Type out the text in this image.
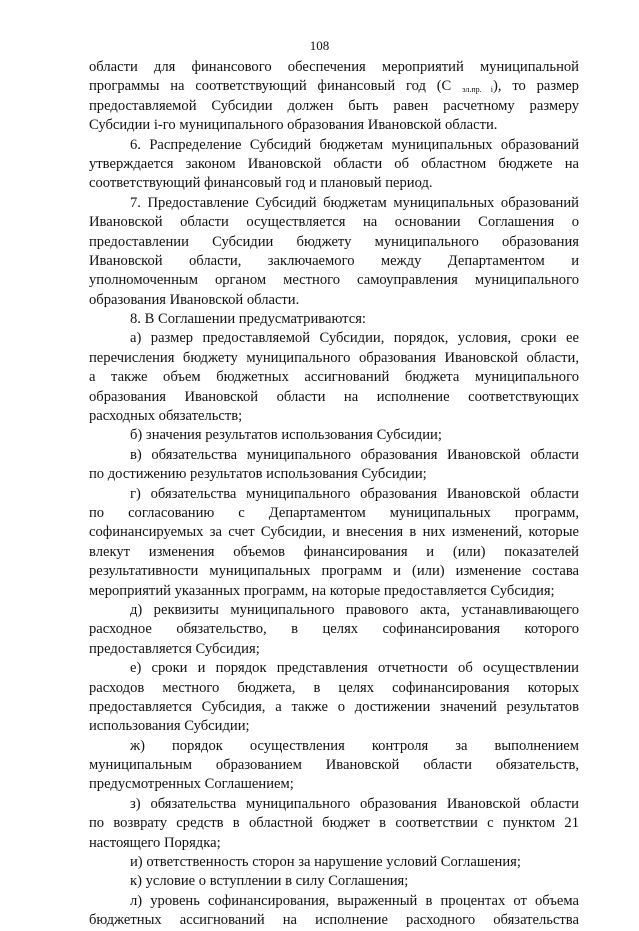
108
области для финансового обеспечения мероприятий муниципальной
программы на соответствующий финансовый год (С $_{эл.пр. i}$), то размер
предоставляемой Субсидии должен быть равен расчетному размеру
Субсидии i-го муниципального образования Ивановской области.
6. Распределение Субсидий бюджетам муниципальных образований
утверждается законом Ивановской области об областном бюджете на
соответствующий финансовый год и плановый период.
7. Предоставление Субсидий бюджетам муниципальных образований
Ивановской области осуществляется на основании Соглашения о
предоставлении Субсидии бюджету муниципального образования
Ивановской области, заключаемого между Департаментом и
уполномоченным органом местного самоуправления муниципального
образования Ивановской области.
8. В Соглашении предусматриваются:
а) размер предоставляемой Субсидии, порядок, условия, сроки ее
перечисления бюджету муниципального образования Ивановской области,
а также объем бюджетных ассигнований бюджета муниципального
образования Ивановской области на исполнение соответствующих
расходных обязательств;
б) значения результатов использования Субсидии;
в) обязательства муниципального образования Ивановской области
по достижению результатов использования Субсидии;
г) обязательства муниципального образования Ивановской области
по согласованию с Департаментом муниципальных программ,
софинансируемых за счет Субсидии, и внесения в них изменений, которые
влекут изменения объемов финансирования и (или) показателей
результативности муниципальных программ и (или) изменение состава
мероприятий указанных программ, на которые предоставляется Субсидия;
д) реквизиты муниципального правового акта, устанавливающего
расходное обязательство, в целях софинансирования которого
предоставляется Субсидия;
е) сроки и порядок представления отчетности об осуществлении
расходов местного бюджета, в целях софинансирования которых
предоставляется Субсидия, а также о достижении значений результатов
использования Субсидии;
ж) порядок осуществления контроля за выполнением
муниципальным образованием Ивановской области обязательств,
предусмотренных Соглашением;
з) обязательства муниципального образования Ивановской области
по возврату средств в областной бюджет в соответствии с пунктом 21
настоящего Порядка;
и) ответственность сторон за нарушение условий Соглашения;
к) условие о вступлении в силу Соглашения;
л) уровень софинансирования, выраженный в процентах от объема
бюджетных ассигнований на исполнение расходного обязательства
